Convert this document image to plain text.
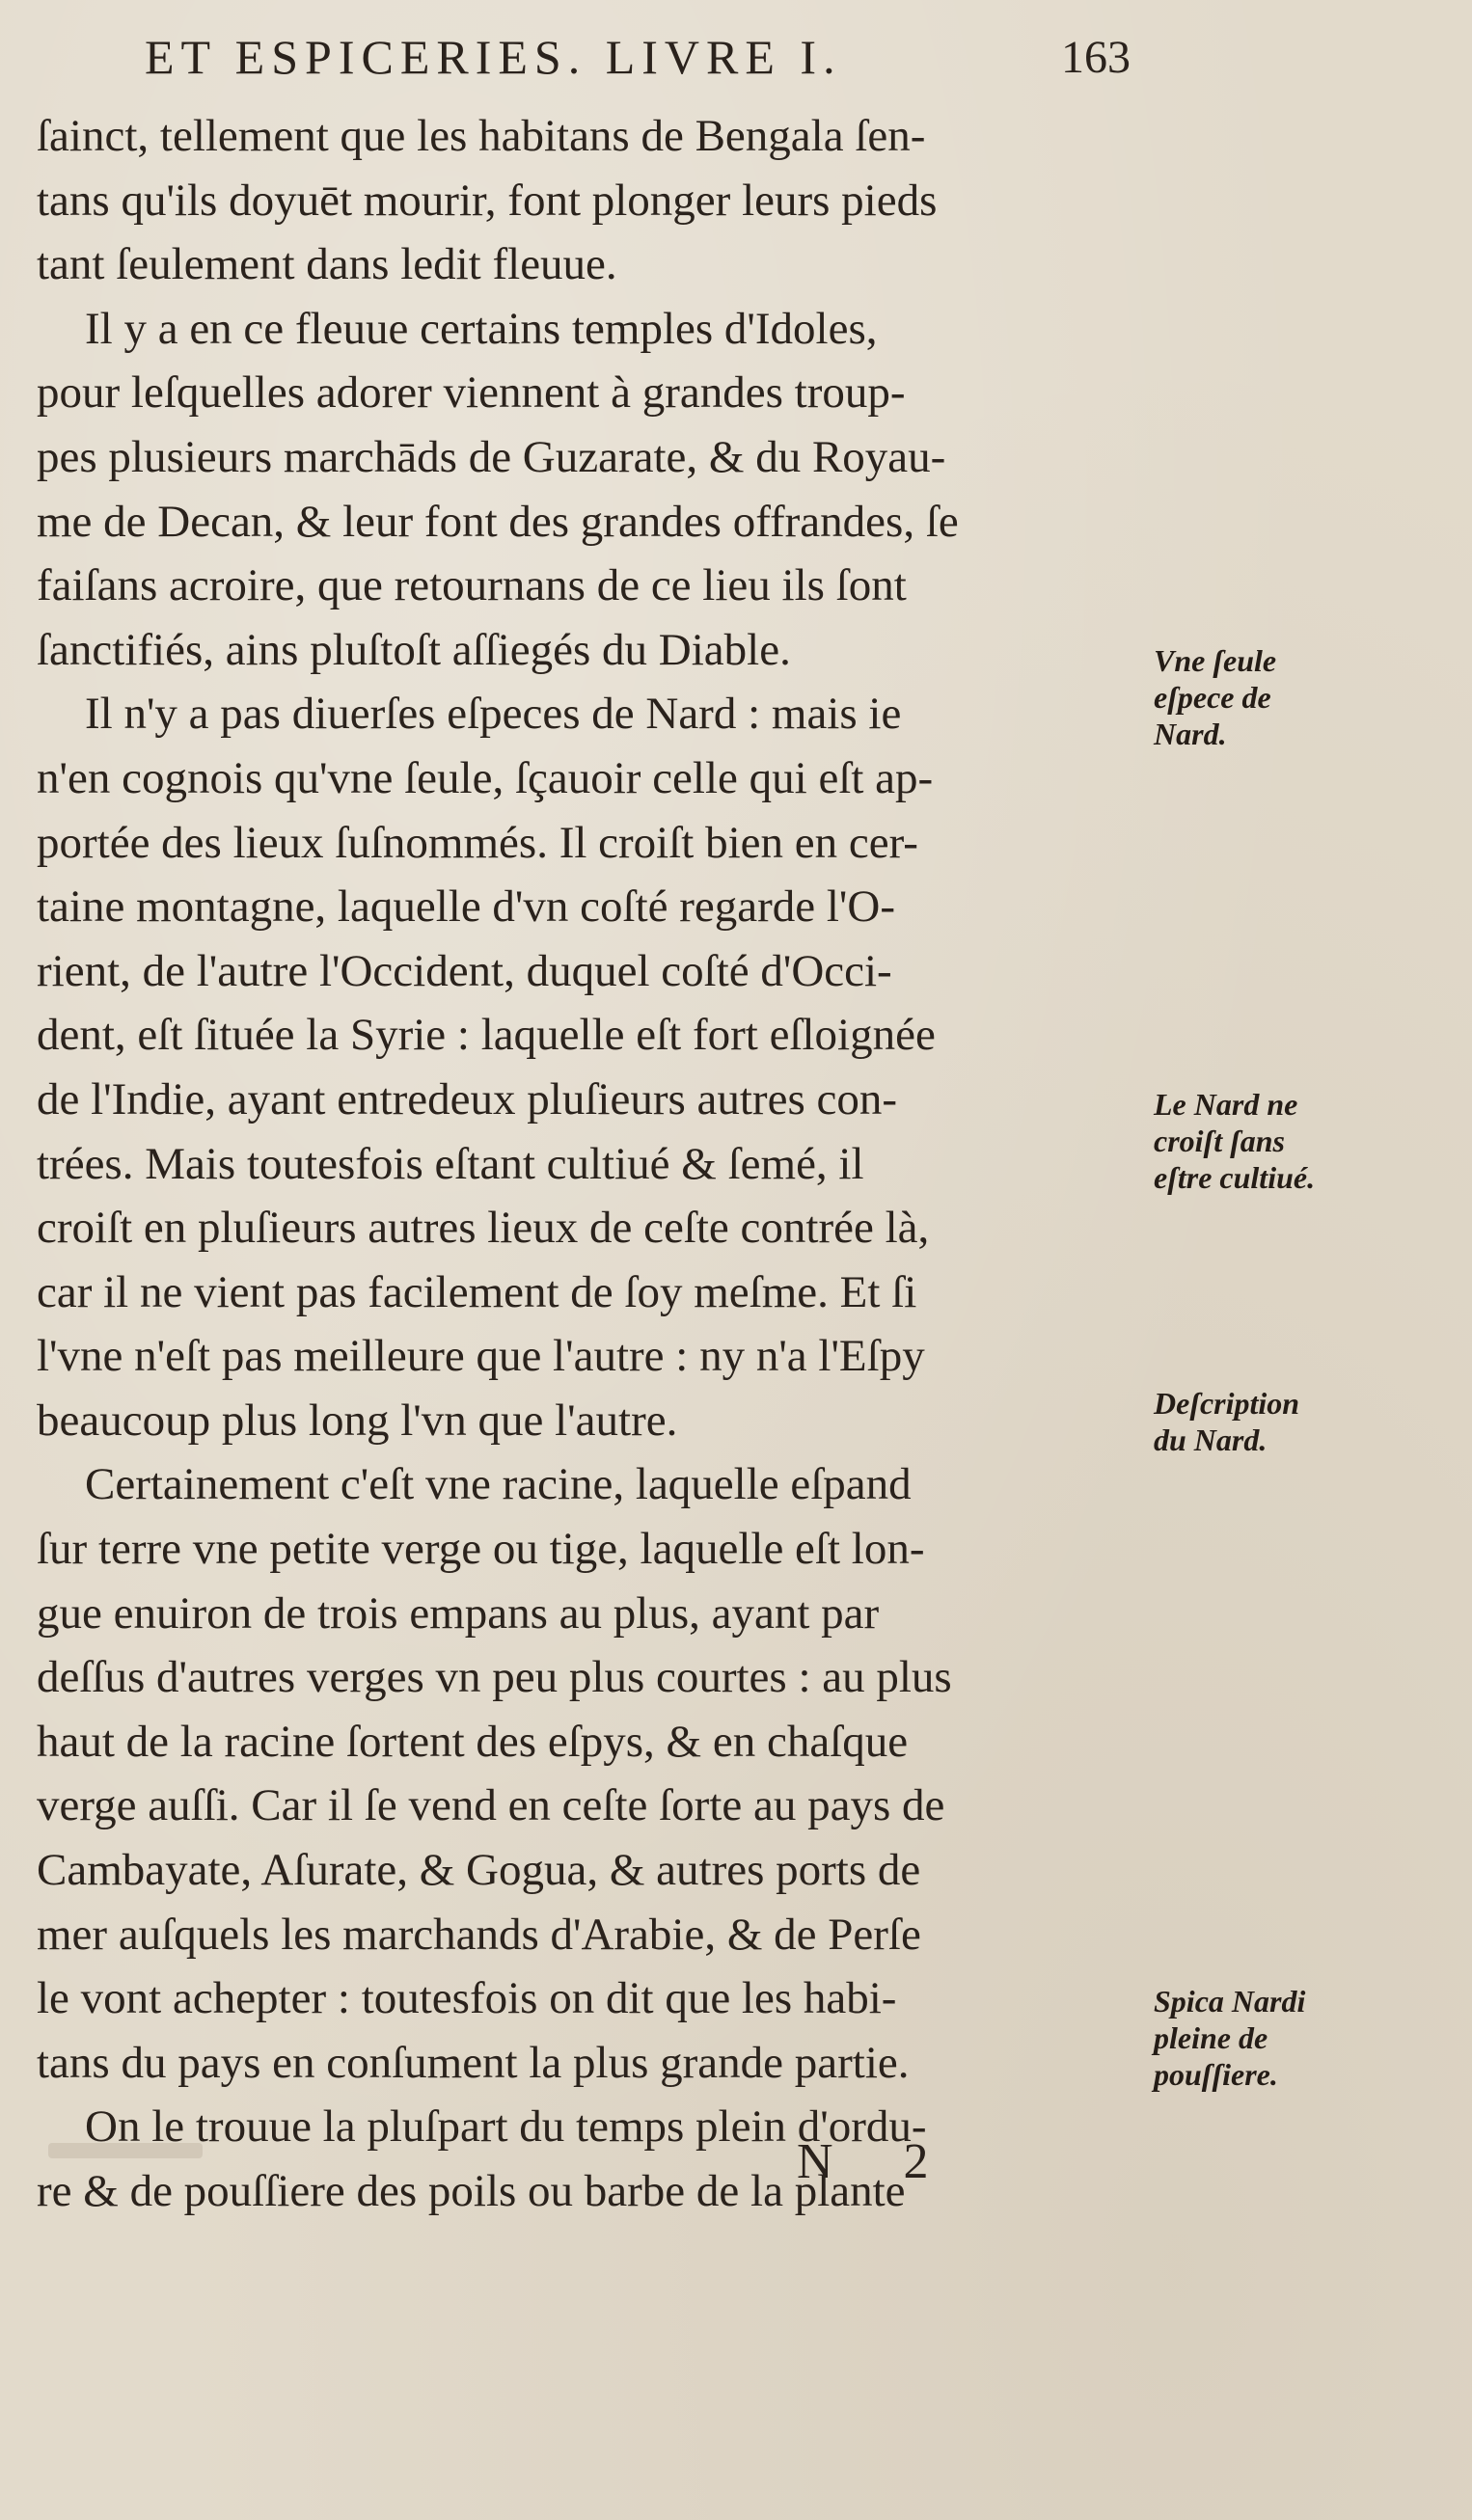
ET ESPICERIES. LIVRE I.	163
ſainct, tellement que les habitans de Bengala ſen-
tans qu'ils doyuēt mourir, font plonger leurs pieds
tant ſeulement dans ledit fleuue.
Il y a en ce fleuue certains temples d'Idoles,
pour leſquelles adorer viennent à grandes troup-
pes plusieurs marchāds de Guzarate, & du Royau-
me de Decan, & leur font des grandes offrandes, ſe
faiſans acroire, que retournans de ce lieu ils ſont
ſanctifiés, ains pluſtoſt aſſiegés du Diable.
Il n'y a pas diuerſes eſpeces de Nard : mais ie
n'en cognois qu'vne ſeule, ſçauoir celle qui eſt ap-
portée des lieux ſuſnommés. Il croiſt bien en cer-
taine montagne, laquelle d'vn coſté regarde l'O-
rient, de l'autre l'Occident, duquel coſté d'Occi-
dent, eſt ſituée la Syrie : laquelle eſt fort eſloignée
de l'Indie, ayant entredeux pluſieurs autres con-
trées. Mais toutesfois eſtant cultiué & ſemé, il
croiſt en pluſieurs autres lieux de ceſte contrée là,
car il ne vient pas facilement de ſoy meſme. Et ſi
l'vne n'eſt pas meilleure que l'autre : ny n'a l'Eſpy
beaucoup plus long l'vn que l'autre.
Certainement c'eſt vne racine, laquelle eſpand
ſur terre vne petite verge ou tige, laquelle eſt lon-
gue enuiron de trois empans au plus, ayant par
deſſus d'autres verges vn peu plus courtes : au plus
haut de la racine ſortent des eſpys, & en chaſque
verge auſſi. Car il ſe vend en ceſte ſorte au pays de
Cambayate, Aſurate, & Gogua, & autres ports de
mer auſquels les marchands d'Arabie, & de Perſe
le vont achepter : toutesfois on dit que les habi-
tans du pays en conſument la plus grande partie.
On le trouue la pluſpart du temps plein d'ordu-
re & de pouſſiere des poils ou barbe de la plante
Vne ſeule
eſpece de
Nard.
Le Nard ne
croiſt ſans
eſtre cultiué.
Deſcription
du Nard.
Spica Nardi
pleine de
pouſſiere.
N 2
